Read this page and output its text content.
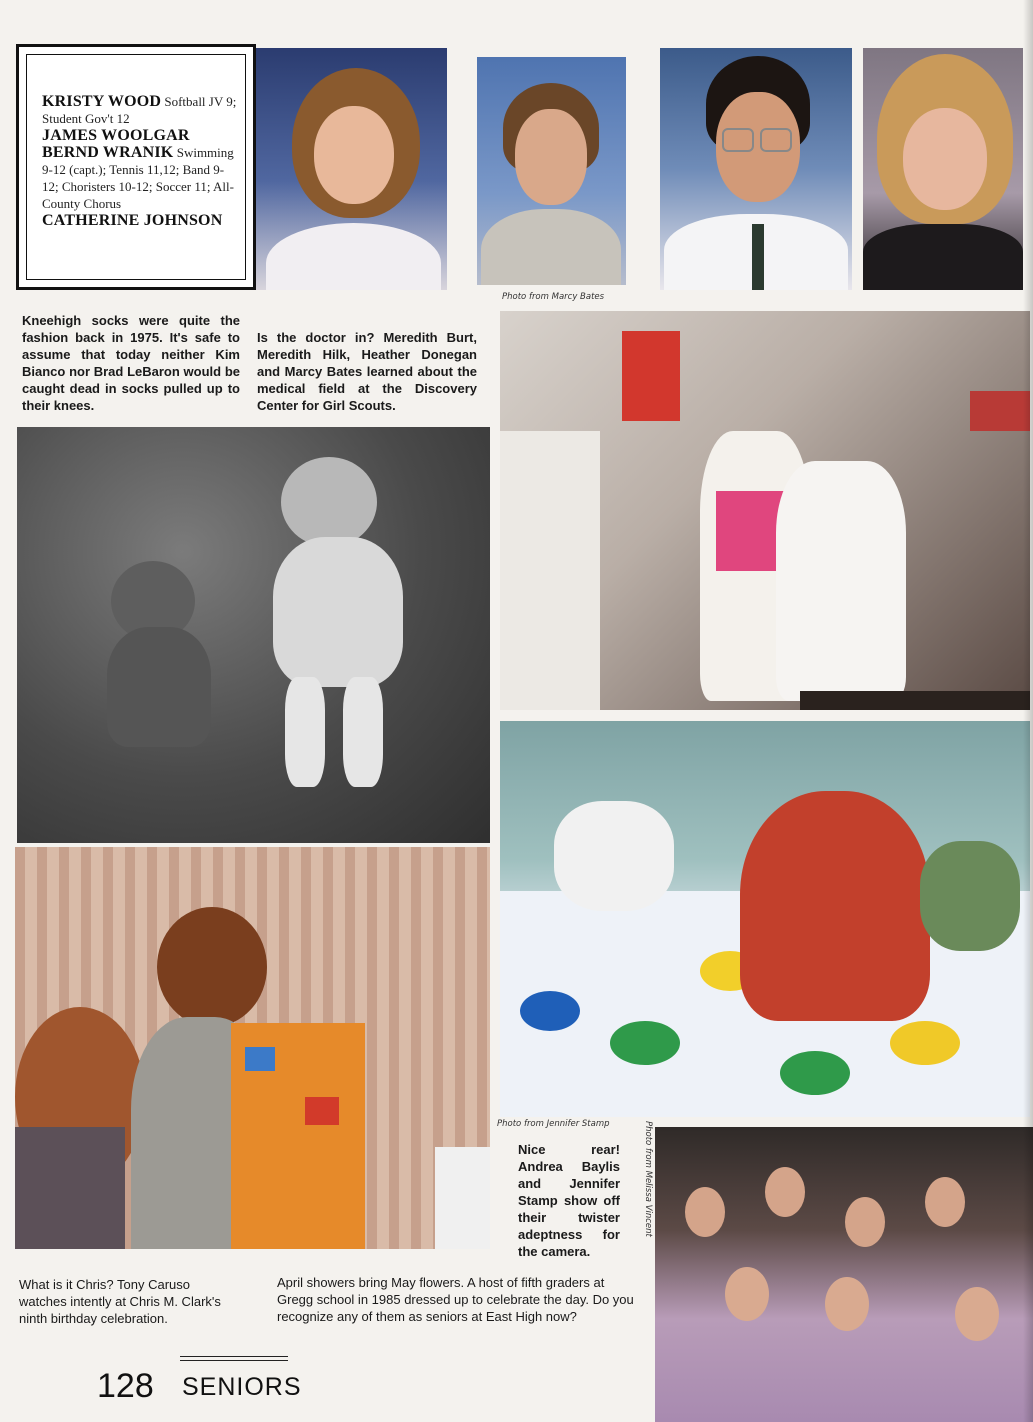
KRISTY WOOD Softball JV 9; Student Gov't 12

JAMES WOOLGAR

BERND WRANIK Swimming 9-12 (capt.); Tennis 11,12; Band 9-12; Choristers 10-12; Soccer 11; All-County Chorus

CATHERINE JOHNSON

Photo from Marcy Bates
Kneehigh socks were quite the fashion back in 1975. It's safe to assume that today neither Kim Bianco nor Brad LeBaron would be caught dead in socks pulled up to their knees.
Is the doctor in? Meredith Burt, Meredith Hilk, Heather Donegan and Marcy Bates learned about the medical field at the Discovery Center for Girl Scouts.
Photo from Jennifer Stamp	Photo from Melissa Vincent
Nice rear! Andrea Baylis and Jennifer Stamp show off their twister adeptness for the camera.
What is it Chris? Tony Caruso watches intently at Chris M. Clark's ninth birthday celebration.
April showers bring May flowers. A host of fifth graders at Gregg school in 1985 dressed up to celebrate the day. Do you recognize any of them as seniors at East High now?
128 SENIORS
